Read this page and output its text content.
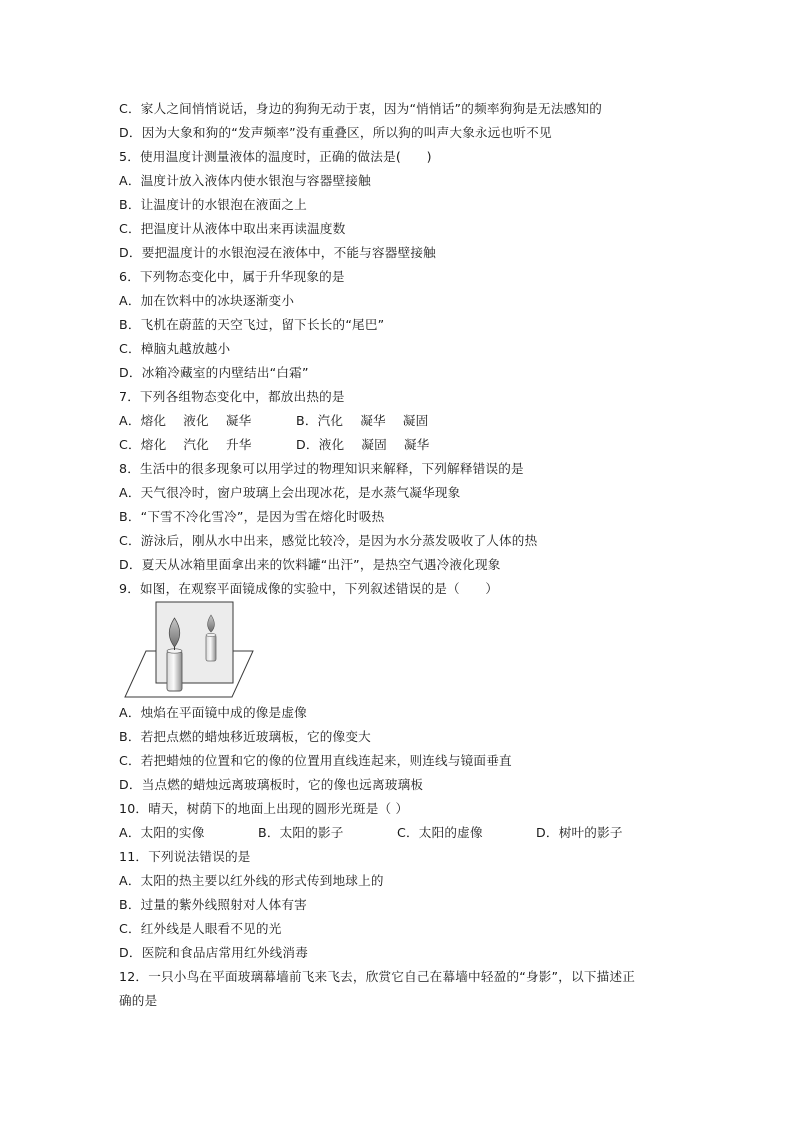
C．家人之间悄悄说话，身边的狗狗无动于衷，因为“悄悄话”的频率狗狗是无法感知的
D．因为大象和狗的“发声频率”没有重叠区，所以狗的叫声大象永远也听不见
5．使用温度计测量液体的温度时，正确的做法是(　　)
A．温度计放入液体内使水银泡与容器壁接触
B．让温度计的水银泡在液面之上
C．把温度计从液体中取出来再读温度数
D．要把温度计的水银泡浸在液体中，不能与容器壁接触
6．下列物态变化中，属于升华现象的是
A．加在饮料中的冰块逐渐变小
B．飞机在蔚蓝的天空飞过，留下长长的“尾巴”
C．樟脑丸越放越小
D．冰箱冷藏室的内壁结出“白霜”
7．下列各组物态变化中，都放出热的是
A．熔化　 液化　 凝华	B．汽化　 凝华　 凝固
C．熔化　 汽化　 升华	D．液化　 凝固　 凝华
8．生活中的很多现象可以用学过的物理知识来解释，下列解释错误的是
A．天气很冷时，窗户玻璃上会出现冰花，是水蒸气凝华现象
B．“下雪不冷化雪冷”，是因为雪在熔化时吸热
C．游泳后，刚从水中出来，感觉比较冷，是因为水分蒸发吸收了人体的热
D．夏天从冰箱里面拿出来的饮料罐“出汗”，是热空气遇冷液化现象
9．如图，在观察平面镜成像的实验中，下列叙述错误的是（　　）
A．烛焰在平面镜中成的像是虚像
B．若把点燃的蜡烛移近玻璃板，它的像变大
C．若把蜡烛的位置和它的像的位置用直线连起来，则连线与镜面垂直
D．当点燃的蜡烛远离玻璃板时，它的像也远离玻璃板
10．晴天，树荫下的地面上出现的圆形光斑是（ ）
A．太阳的实像	B．太阳的影子	C．太阳的虚像	D．树叶的影子
11．下列说法错误的是
A．太阳的热主要以红外线的形式传到地球上的
B．过量的紫外线照射对人体有害
C．红外线是人眼看不见的光
D．医院和食品店常用红外线消毒
12．一只小鸟在平面玻璃幕墙前飞来飞去，欣赏它自己在幕墙中轻盈的“身影”，以下描述正
确的是
